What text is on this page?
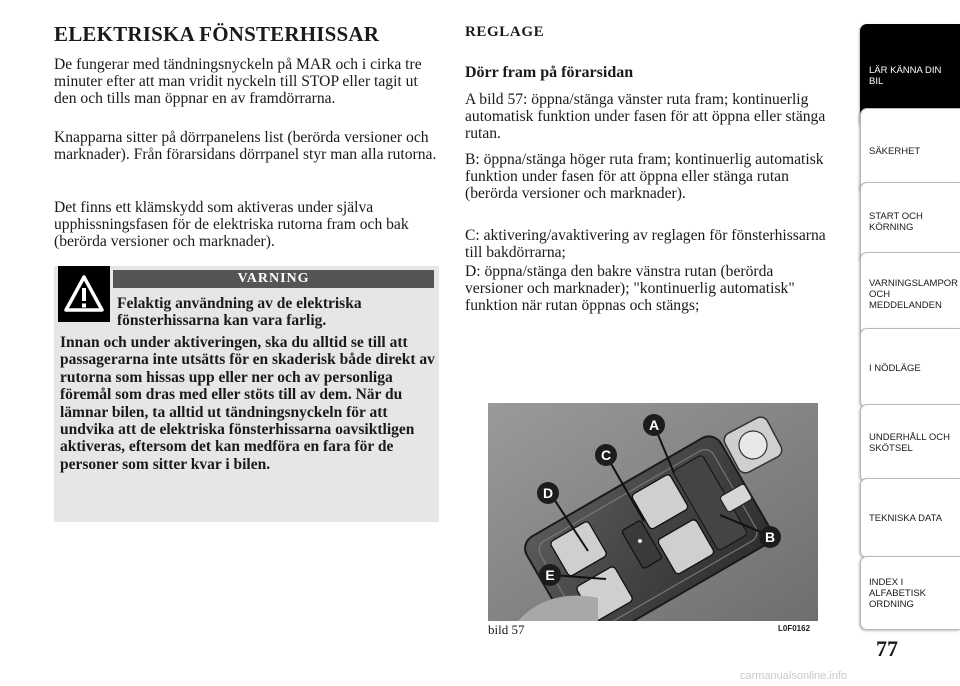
ELEKTRISKA FÖNSTERHISSAR
De fungerar med tändningsnyckeln på MAR och i cirka tre minuter efter att man vridit nyckeln till STOP eller tagit ut den och tills man öppnar en av framdörrarna.
Knapparna sitter på dörrpanelens list (berörda versioner och marknader). Från förarsidans dörrpanel styr man alla rutorna.
Det finns ett klämskydd som aktiveras under själva upphissningsfasen för de elektriska rutorna fram och bak (berörda versioner och marknader).
VARNING
Felaktig användning av de elektriska fönsterhissarna kan vara farlig.
Innan och under aktiveringen, ska du alltid se till att passagerarna inte utsätts för en skaderisk både direkt av rutorna som hissas upp eller ner och av personliga föremål som dras med eller stöts till av dem. När du lämnar bilen, ta alltid ut tändningsnyckeln för att undvika att de elektriska fönsterhissarna oavsiktligen aktiveras, eftersom det kan medföra en fara för de personer som sitter kvar i bilen.
REGLAGE
Dörr fram på förarsidan
A bild 57: öppna/stänga vänster ruta fram; kontinuerlig automatisk funktion under fasen för att öppna eller stänga rutan.
B: öppna/stänga höger ruta fram; kontinuerlig automatisk funktion under fasen för att öppna eller stänga rutan (berörda versioner och marknader).
C: aktivering/avaktivering av reglagen för fönsterhissarna till bakdörrarna;
D: öppna/stänga den bakre vänstra rutan (berörda versioner och marknader); "kontinuerlig automatisk" funktion när rutan öppnas och stängs;
A
B
C
D
E
bild 57	L0F0162
LÄR KÄNNA DIN BIL
SÄKERHET
START OCH KÖRNING
VARNINGSLAMPOR OCH MEDDELANDEN
I NÖDLÄGE
UNDERHÅLL OCH SKÖTSEL
TEKNISKA DATA
INDEX I ALFABETISK ORDNING
77
carmanualsonline.info
